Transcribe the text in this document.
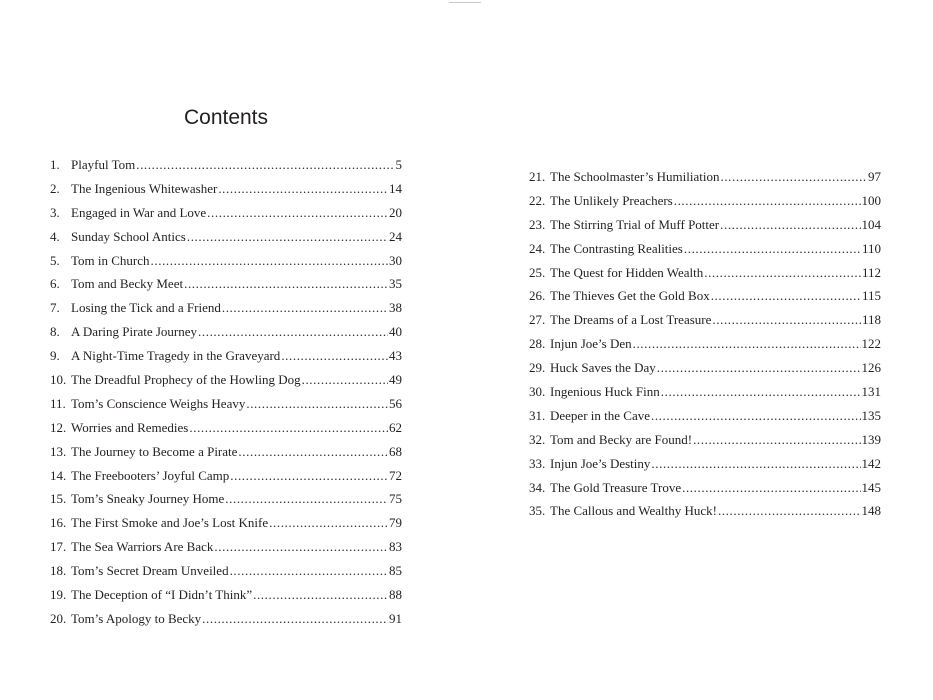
Contents
1. Playful Tom .....	5
2. The Ingenious Whitewasher .....	14
3. Engaged in War and Love .....	20
4. Sunday School Antics .....	24
5. Tom in Church .....	30
6. Tom and Becky Meet .....	35
7. Losing the Tick and a Friend .....	38
8. A Daring Pirate Journey .....	40
9. A Night-Time Tragedy in the Graveyard .....	43
10. The Dreadful Prophecy of the Howling Dog .....	49
11. Tom’s Conscience Weighs Heavy .....	56
12. Worries and Remedies .....	62
13. The Journey to Become a Pirate .....	68
14. The Freebooters’ Joyful Camp .....	72
15. Tom’s Sneaky Journey Home .....	75
16. The First Smoke and Joe’s Lost Knife .....	79
17. The Sea Warriors Are Back .....	83
18. Tom’s Secret Dream Unveiled .....	85
19. The Deception of “I Didn’t Think” .....	88
20. Tom’s Apology to Becky .....	91
21. The Schoolmaster’s Humiliation .....	97
22. The Unlikely Preachers .....	100
23. The Stirring Trial of Muff Potter .....	104
24. The Contrasting Realities .....	110
25. The Quest for Hidden Wealth .....	112
26. The Thieves Get the Gold Box .....	115
27. The Dreams of a Lost Treasure .....	118
28. Injun Joe’s Den .....	122
29. Huck Saves the Day .....	126
30. Ingenious Huck Finn .....	131
31. Deeper in the Cave .....	135
32. Tom and Becky are Found! .....	139
33. Injun Joe’s Destiny .....	142
34. The Gold Treasure Trove .....	145
35. The Callous and Wealthy Huck! .....	148
